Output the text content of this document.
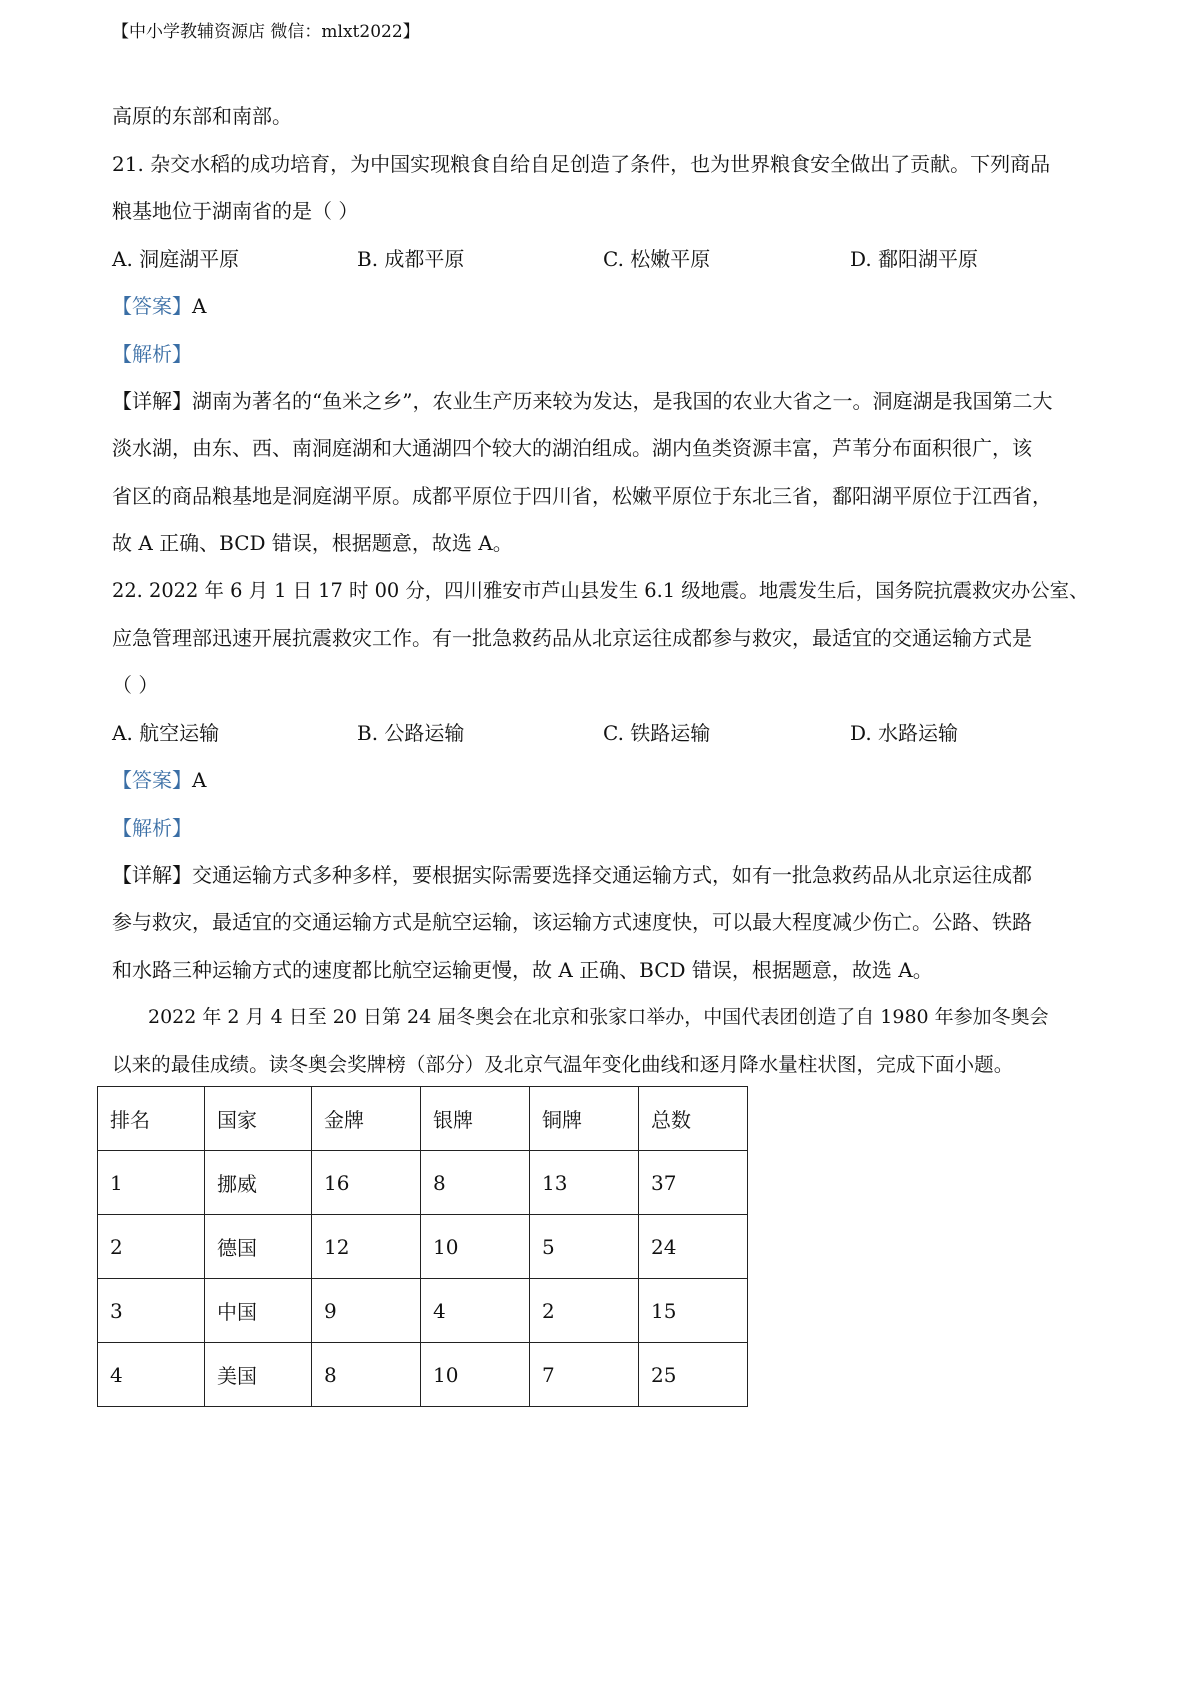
【中小学教辅资源店 微信：mlxt2022】
高原的东部和南部。
21. 杂交水稻的成功培育，为中国实现粮食自给自足创造了条件，也为世界粮食安全做出了贡献。下列商品
粮基地位于湖南省的是（ ）
A. 洞庭湖平原	B. 成都平原	C. 松嫩平原	D. 鄱阳湖平原
【答案】A
【解析】
【详解】湖南为著名的“鱼米之乡”，农业生产历来较为发达，是我国的农业大省之一。洞庭湖是我国第二大
淡水湖，由东、西、南洞庭湖和大通湖四个较大的湖泊组成。湖内鱼类资源丰富，芦苇分布面积很广，该
省区的商品粮基地是洞庭湖平原。成都平原位于四川省，松嫩平原位于东北三省，鄱阳湖平原位于江西省，
故 A 正确、BCD 错误，根据题意，故选 A。
22. 2022 年 6 月 1 日 17 时 00 分，四川雅安市芦山县发生 6.1 级地震。地震发生后，国务院抗震救灾办公室、
应急管理部迅速开展抗震救灾工作。有一批急救药品从北京运往成都参与救灾，最适宜的交通运输方式是
（ ）
A. 航空运输	B. 公路运输	C. 铁路运输	D. 水路运输
【答案】A
【解析】
【详解】交通运输方式多种多样，要根据实际需要选择交通运输方式，如有一批急救药品从北京运往成都
参与救灾，最适宜的交通运输方式是航空运输，该运输方式速度快，可以最大程度减少伤亡。公路、铁路
和水路三种运输方式的速度都比航空运输更慢，故 A 正确、BCD 错误，根据题意，故选 A。
2022 年 2 月 4 日至 20 日第 24 届冬奥会在北京和张家口举办，中国代表团创造了自 1980 年参加冬奥会
以来的最佳成绩。读冬奥会奖牌榜（部分）及北京气温年变化曲线和逐月降水量柱状图，完成下面小题。
排名	国家	金牌	银牌	铜牌	总数
1	挪威	16	8	13	37
2	德国	12	10	5	24
3	中国	9	4	2	15
4	美国	8	10	7	25
